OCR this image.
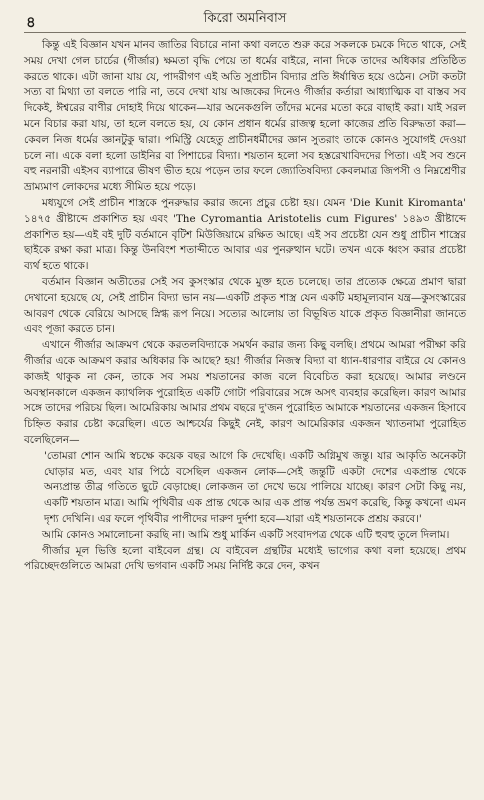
৪	কিরো অমনিবাস

কিন্তু এই বিজ্ঞান যখন মানব জাতির বিচারে নানা কথা বলতে শুরু করে সকলকে চমকে দিতে থাকে, সেই সময় দেখা গেল চার্চের (গীর্জার) ক্ষমতা বৃদ্ধি পেয়ে তা ধর্মের বাইরে, নানা দিকে তাদের অধিকার প্রতিষ্ঠিত করতে থাকে। এটা জানা যায় যে, পাদরীগণ এই অতি সুপ্রাচীন বিদ্যার প্রতি ঈর্ষান্বিত হয়ে ওঠেন। সেটা কতটা সত্য বা মিথ্যা তা বলতে পারি না, তবে দেখা যায় আজকের দিনেও গীর্জার কর্তারা আধ্যাত্মিক বা বাস্তব সব দিকেই, ঈশ্বরের বাণীর দোহাই দিয়ে থাকেন—যার অনেকগুলি তাঁদের মনের মতো করে বাছাই করা। যাই সরল মনে বিচার করা যায়, তা হলে বলতে হয়, যে কোন প্রধান ধর্মের রাজত্ব হলো কাজের প্রতি বিরুদ্ধতা করা—কেবল নিজ ধর্মের জ্ঞানটুকু দ্বারা। পমিস্ট্রি যেহেতু প্রাচীনধর্মীদের জ্ঞান সুতরাং তাকে কোনও সুযোগই দেওয়া চলে না। একে বলা হলো ডাইনির বা পিশাচের বিদ্যা। শয়তান হলো সব হস্তরেখাবিদদের পিতা। এই সব শুনে বহু নরনারী এইসব ব্যাপারে ভীষণ ভীত হয়ে পড়েন তার ফলে জ্যোতিষবিদ্যা কেবলমাত্র জিপসী ও নিম্নশ্রেণীর ভ্রাম্যমাণ লোকদের মধ্যে সীমিত হয়ে পড়ে।

মধ্যযুগে সেই প্রাচীন শাস্ত্রকে পুনরুদ্ধার করার জন্যে প্রচুর চেষ্টা হয়। যেমন 'Die Kunit Kiromanta' ১৪৭৫ খ্রীষ্টাব্দে প্রকাশিত হয় এবং 'The Cyromantia Aristotelis cum Figures' ১৪৯৩ খ্রীষ্টাব্দে প্রকাশিত হয়—এই বই দুটি বর্তমানে বৃটিশ মিউজিয়ামে রক্ষিত আছে। এই সব প্রচেষ্টা যেন শুধু প্রাচীন শাস্ত্রের ছাইকে রক্ষা করা মাত্র। কিন্তু উনবিংশ শতাব্দীতে আবার এর পুনরুত্থান ঘটে। তখন একে ধ্বংস করার প্রচেষ্টা ব্যর্থ হতে থাকে।

বর্তমান বিজ্ঞান অতীতের সেই সব কুসংস্কার থেকে মুক্ত হতে চলেছে। তার প্রত্যেক ক্ষেত্রে প্রমাণ দ্বারা দেখানো হয়েছে যে, সেই প্রাচীন বিদ্যা ভান নয়—একটি প্রকৃত শাস্ত্র যেন একটি মহামূল্যবান যন্ত্র—কুসংস্কারের আবরণ থেকে বেরিয়ে আসছে স্নিগ্ধ রূপ নিয়ে। সত্যের আলোয় তা বিভূষিত যাকে প্রকৃত বিজ্ঞানীরা জানতে এবং পূজা করতে চান।

এখানে গীর্জার আক্রমণ থেকে করতলবিদ্যাকে সমর্থন করার জন্য কিছু বলছি। প্রথমে আমরা পরীক্ষা করি গীর্জার একে আক্রমণ করার অধিকার কি আছে? হয়! গীর্জার নিজস্ব বিদ্যা বা ধ্যান-ধারণার বাইরে যে কোনও কাজই থাকুক না কেন, তাকে সব সময় শয়তানের কাজ বলে বিবেচিত করা হয়েছে। আমার লণ্ডনে অবস্থানকালে একজন ক্যাথলিক পুরোহিত একটি গোটা পরিবারের সঙ্গে অসৎ ব্যবহার করেছিল। কারণ আমার সঙ্গে তাদের পরিচয় ছিল। আমেরিকায় আমার প্রথম বছরে দু'জন পুরোহিত আমাকে শয়তানের একজন হিসাবে চিহ্নিত করার চেষ্টা করেছিল। এতে আশ্চর্যের কিছুই নেই, কারণ আমেরিকার একজন খ্যাতনামা পুরোহিত বলেছিলেন—

'তোমরা শোন আমি স্বচক্ষে কয়েক বছর আগে কি দেখেছি। একটি অগ্নিমুখ জন্তু। যার আকৃতি অনেকটা ঘোড়ার মত, এবং যার পিঠে বসেছিল একজন লোক—সেই জন্তুটি একটা দেশের একপ্রান্ত থেকে অন্যপ্রান্ত তীব্র গতিতে ছুটে বেড়াচ্ছে। লোকজন তা দেখে ভয়ে পালিয়ে যাচ্ছে। কারণ সেটা কিছু নয়, একটি শয়তান মাত্র। আমি পৃথিবীর এক প্রান্ত থেকে আর এক প্রান্ত পর্যন্ত ভ্রমণ করেছি, কিন্তু কখনো এমন দৃশ্য দেখিনি। এর ফলে পৃথিবীর পাপীদের দারুণ দুর্দশা হবে—যারা এই শয়তানকে প্রশ্রয় করবে।'

আমি কোনও সমালোচনা করছি না। আমি শুধু মার্কিন একটি সংবাদপত্র থেকে এটি হুবহু তুলে দিলাম।

গীর্জার মূল ভিত্তি হলো বাইবেল গ্রন্থ। যে বাইবেল গ্রন্থটির মধ্যেই ভাগ্যের কথা বলা হয়েছে। প্রথম পরিচ্ছেদগুলিতে আমরা দেখি ভগবান একটি সময় নির্দিষ্ট করে দেন, কখন
